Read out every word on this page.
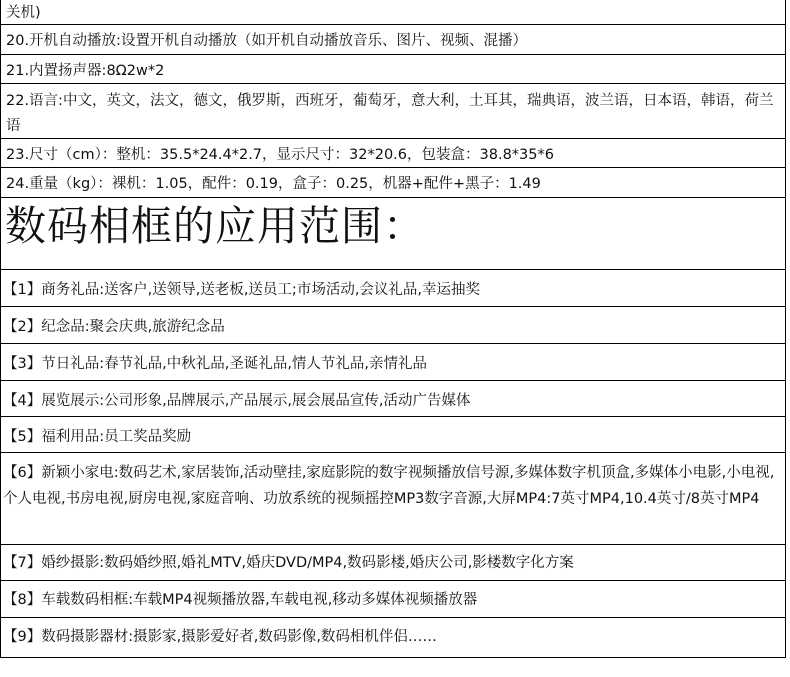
关机)
20.开机自动播放:设置开机自动播放（如开机自动播放音乐、图片、视频、混播）
21.内置扬声器:8Ω2w*2
22.语言:中文，英文，法文，德文，俄罗斯，西班牙，葡萄牙，意大利，土耳其，瑞典语，波兰语，日本语，韩语，荷兰语
23.尺寸（cm）：整机：35.5*24.4*2.7，显示尺寸：32*20.6，包装盒：38.8*35*6
24.重量（kg）：裸机：1.05，配件：0.19，盒子：0.25，机器+配件+黑子：1.49
数码相框的应用范围：
【1】商务礼品:送客户,送领导,送老板,送员工;市场活动,会议礼品,幸运抽奖
【2】纪念品:聚会庆典,旅游纪念品
【3】节日礼品:春节礼品,中秋礼品,圣诞礼品,情人节礼品,亲情礼品
【4】展览展示:公司形象,品牌展示,产品展示,展会展品宣传,活动广告媒体
【5】福利用品:员工奖品奖励
【6】新颖小家电:数码艺术,家居装饰,活动壁挂,家庭影院的数字视频播放信号源,多媒体数字机顶盒,多媒体小电影,小电视,个人电视,书房电视,厨房电视,家庭音响、功放系统的视频摇控MP3数字音源,大屏MP4:7英寸MP4,10.4英寸/8英寸MP4
【7】婚纱摄影:数码婚纱照,婚礼MTV,婚庆DVD/MP4,数码影楼,婚庆公司,影楼数字化方案
【8】车载数码相框:车载MP4视频播放器,车载电视,移动多媒体视频播放器
【9】数码摄影器材:摄影家,摄影爱好者,数码影像,数码相机伴侣……
